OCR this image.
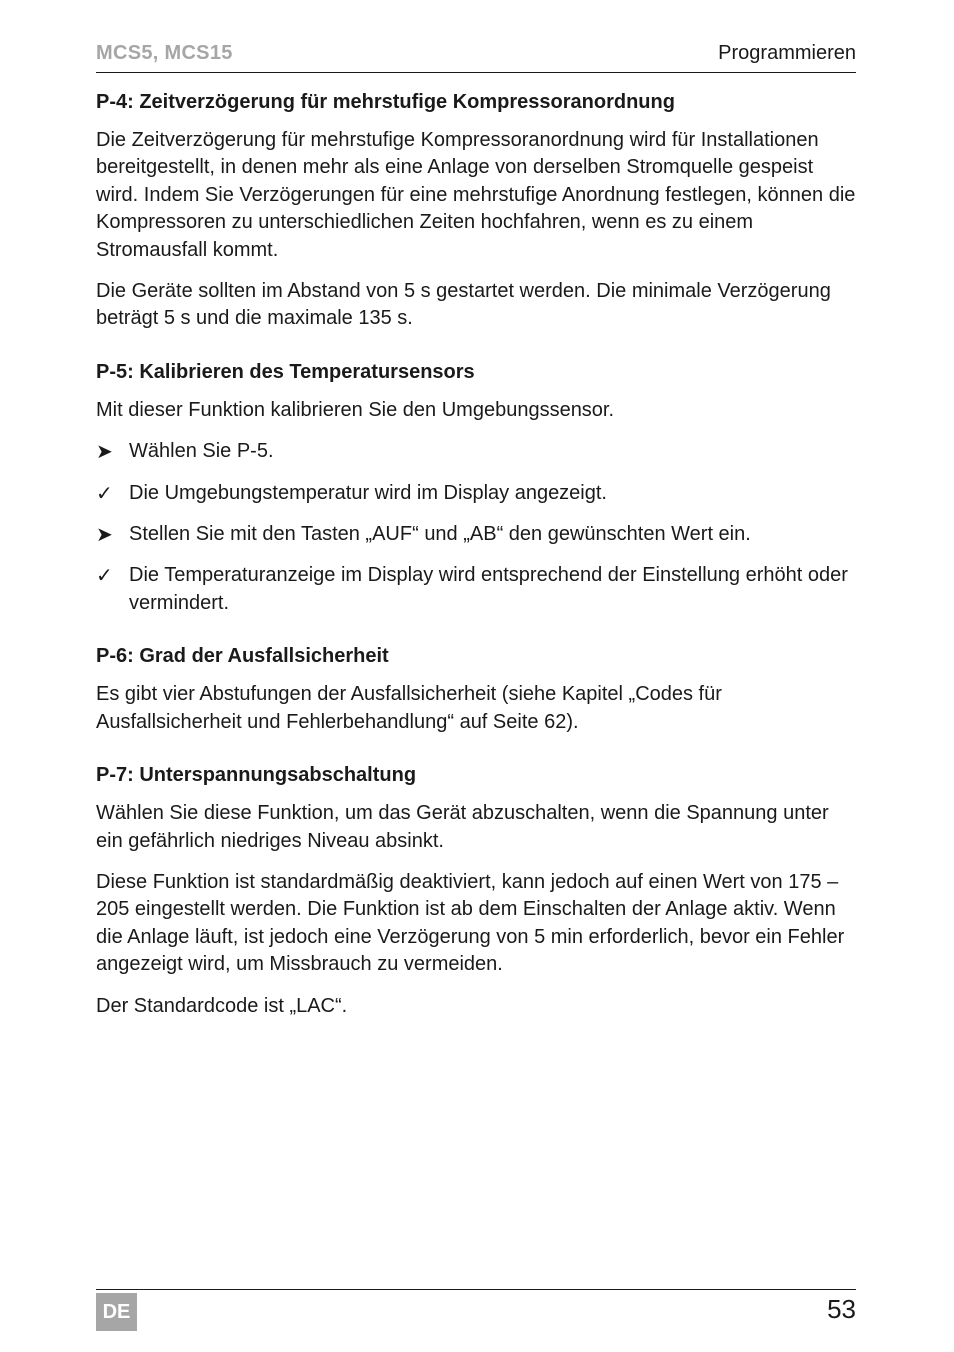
MCS5, MCS15	Programmieren
P-4: Zeitverzögerung für mehrstufige Kompressoranordnung

Die Zeitverzögerung für mehrstufige Kompressoranordnung wird für Installationen bereitgestellt, in denen mehr als eine Anlage von derselben Stromquelle gespeist wird. Indem Sie Verzögerungen für eine mehrstufige Anordnung festlegen, können die Kompressoren zu unterschiedlichen Zeiten hochfahren, wenn es zu einem Stromausfall kommt.

Die Geräte sollten im Abstand von 5 s gestartet werden. Die minimale Verzögerung beträgt 5 s und die maximale 135 s.

P-5: Kalibrieren des Temperatursensors

Mit dieser Funktion kalibrieren Sie den Umgebungssensor.

➤ Wählen Sie P-5.
✓ Die Umgebungstemperatur wird im Display angezeigt.
➤ Stellen Sie mit den Tasten „AUF“ und „AB“ den gewünschten Wert ein.
✓ Die Temperaturanzeige im Display wird entsprechend der Einstellung erhöht oder vermindert.
P-6: Grad der Ausfallsicherheit

Es gibt vier Abstufungen der Ausfallsicherheit (siehe Kapitel „Codes für Ausfallsicherheit und Fehlerbehandlung“ auf Seite 62).

P-7: Unterspannungsabschaltung

Wählen Sie diese Funktion, um das Gerät abzuschalten, wenn die Spannung unter ein gefährlich niedriges Niveau absinkt.

Diese Funktion ist standardmäßig deaktiviert, kann jedoch auf einen Wert von 175 – 205 eingestellt werden. Die Funktion ist ab dem Einschalten der Anlage aktiv. Wenn die Anlage läuft, ist jedoch eine Verzögerung von 5 min erforderlich, bevor ein Fehler angezeigt wird, um Missbrauch zu vermeiden.

Der Standardcode ist „LAC“.

DE	53
